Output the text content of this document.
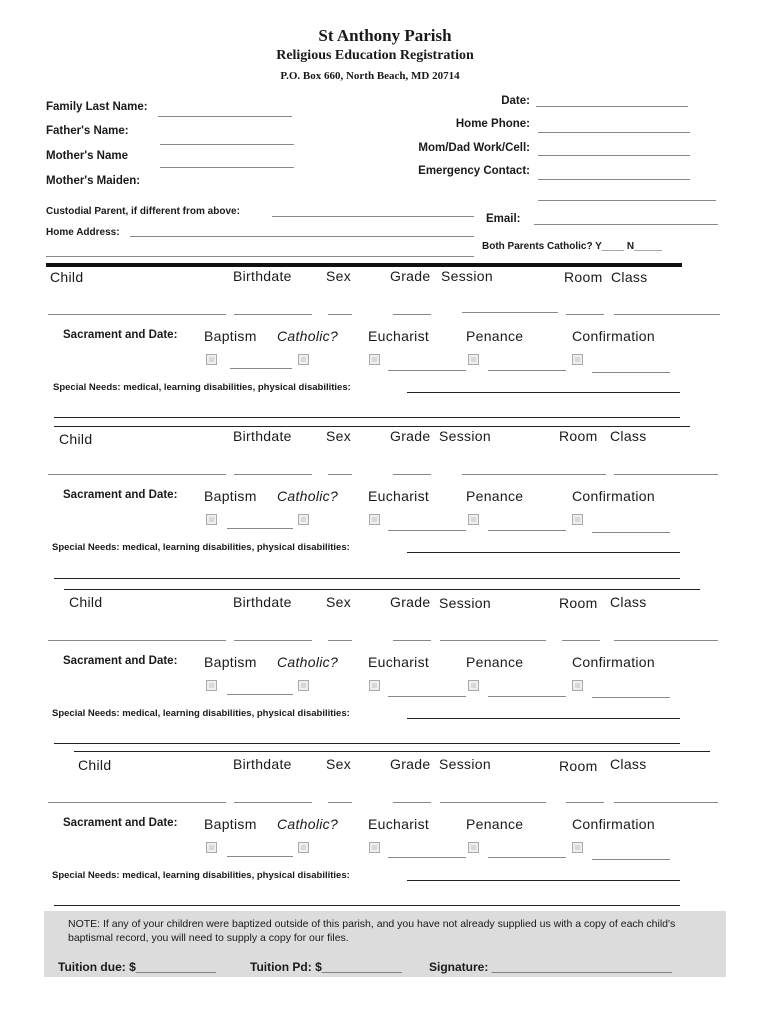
St Anthony Parish
Religious Education Registration
P.O. Box 660, North Beach, MD 20714
Family Last Name:
Father's Name:
Mother's Name
Mother's Maiden:
Date:
Home Phone:
Mom/Dad Work/Cell:
Emergency Contact:
Custodial Parent, if different from above:
Email:
Home Address:
Both Parents Catholic? Y____ N_____
Child	Birthdate Sex	Grade Session	Room Class
Sacrament and Date: Baptism Catholic? Eucharist	Penance	Confirmation
Special Needs: medical, learning disabilities, physical disabilities:
Child	Birthdate Sex	Grade Session	Room Class
Sacrament and Date: Baptism Catholic? Eucharist	Penance	Confirmation
Special Needs: medical, learning disabilities, physical disabilities:
Child	Birthdate Sex	Grade Session	Room Class
Sacrament and Date: Baptism Catholic? Eucharist	Penance	Confirmation
Special Needs: medical, learning disabilities, physical disabilities:
Child	Birthdate Sex	Grade Session	Room Class
Sacrament and Date: Baptism Catholic? Eucharist	Penance	Confirmation
Special Needs: medical, learning disabilities, physical disabilities:
NOTE: If any of your children were baptized outside of this parish, and you have not already supplied us with a copy of each child's baptismal record, you will need to supply a copy for our files.
Tuition due: $____________	Tuition Pd: $____________ Signature: ___________________________
